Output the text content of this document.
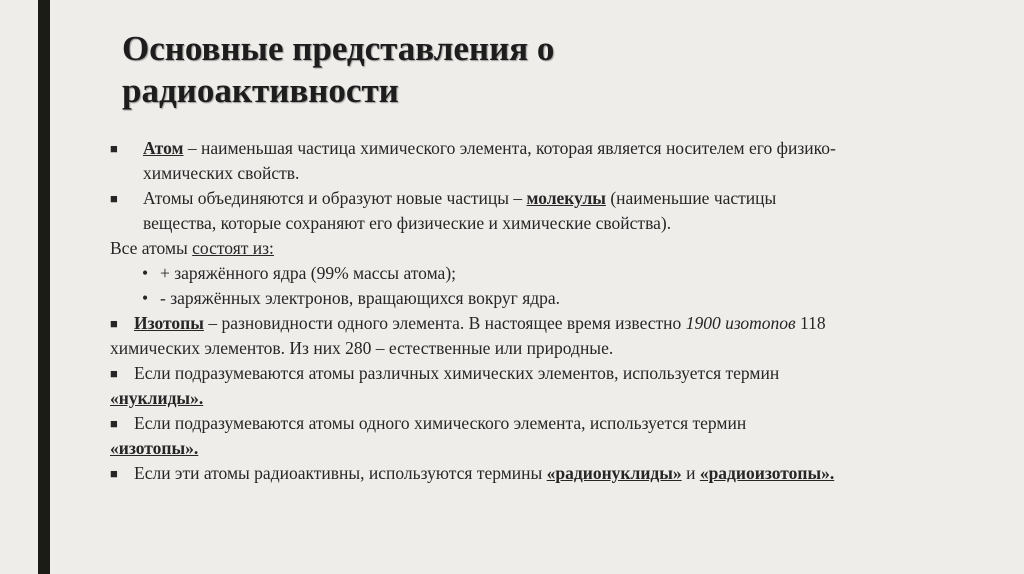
Основные представления о
радиоактивности
■ Атом – наименьшая частица химического элемента, которая является носителем его физико-
химических свойств.
■ Атомы объединяются и образуют новые частицы – молекулы (наименьшие частицы
вещества, которые сохраняют его физические и химические свойства).
Все атомы состоят из:
• + заряжённого ядра (99% массы атома);
• - заряжённых электронов, вращающихся вокруг ядра.
■ Изотопы – разновидности одного элемента. В настоящее время известно 1900 изотопов 118
химических элементов. Из них 280 – естественные или природные.
■ Если подразумеваются атомы различных химических элементов, используется термин
«нуклиды».
■ Если подразумеваются атомы одного химического элемента, используется термин
«изотопы».
■ Если эти атомы радиоактивны, используются термины «радионуклиды» и «радиоизотопы».
